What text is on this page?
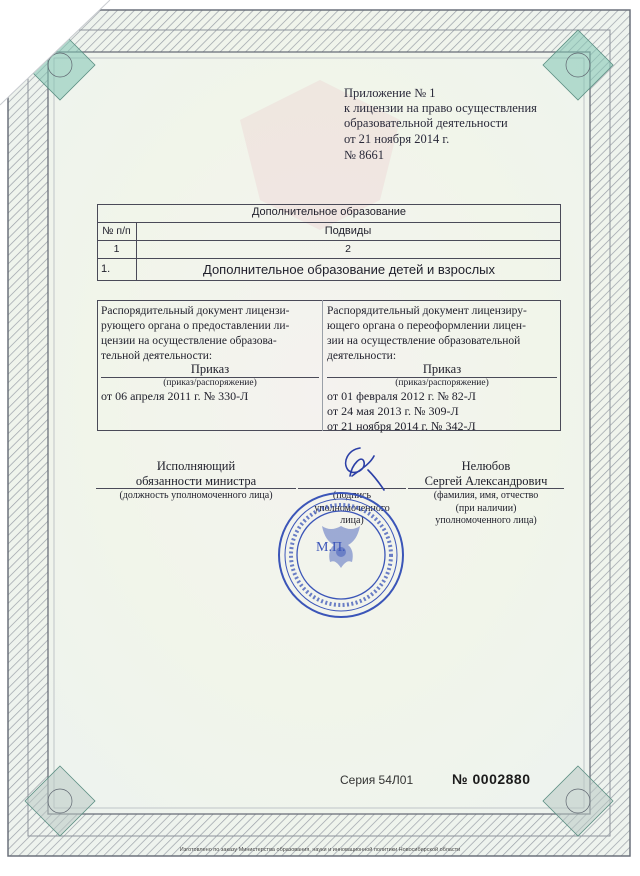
Приложение № 1
к лицензии на право осуществления
образовательной деятельности
от 21 ноября 2014 г.
№ 8661
Дополнительное образование
№ п/п	Подвиды
1	2
1.	Дополнительное образование детей и взрослых
Распорядительный документ лицензи-
рующего органа о предоставлении ли-
цензии на осуществление образова-
тельной деятельности:
Приказ
(приказ/распоряжение)
от 06 апреля 2011 г. № 330-Л
Распорядительный документ лицензиру-
ющего органа о переоформлении лицен-
зии на осуществление образовательной
деятельности:
Приказ
(приказ/распоряжение)
от 01 февраля 2012 г. № 82-Л
от 24 мая 2013 г. № 309-Л
от 21 ноября 2014 г. № 342-Л
Исполняющий
обязанности министра
(должность уполномоченного лица)	(подпись
уполномоченного
лица)
Нелюбов
Сергей Александрович
(фамилия, имя, отчество
(при наличии)
уполномоченного лица)
М.П.
Серия 54Л01	№ 0002880
Изготовлено по заказу Министерства образования, науки и инновационной политики Новосибирской области
